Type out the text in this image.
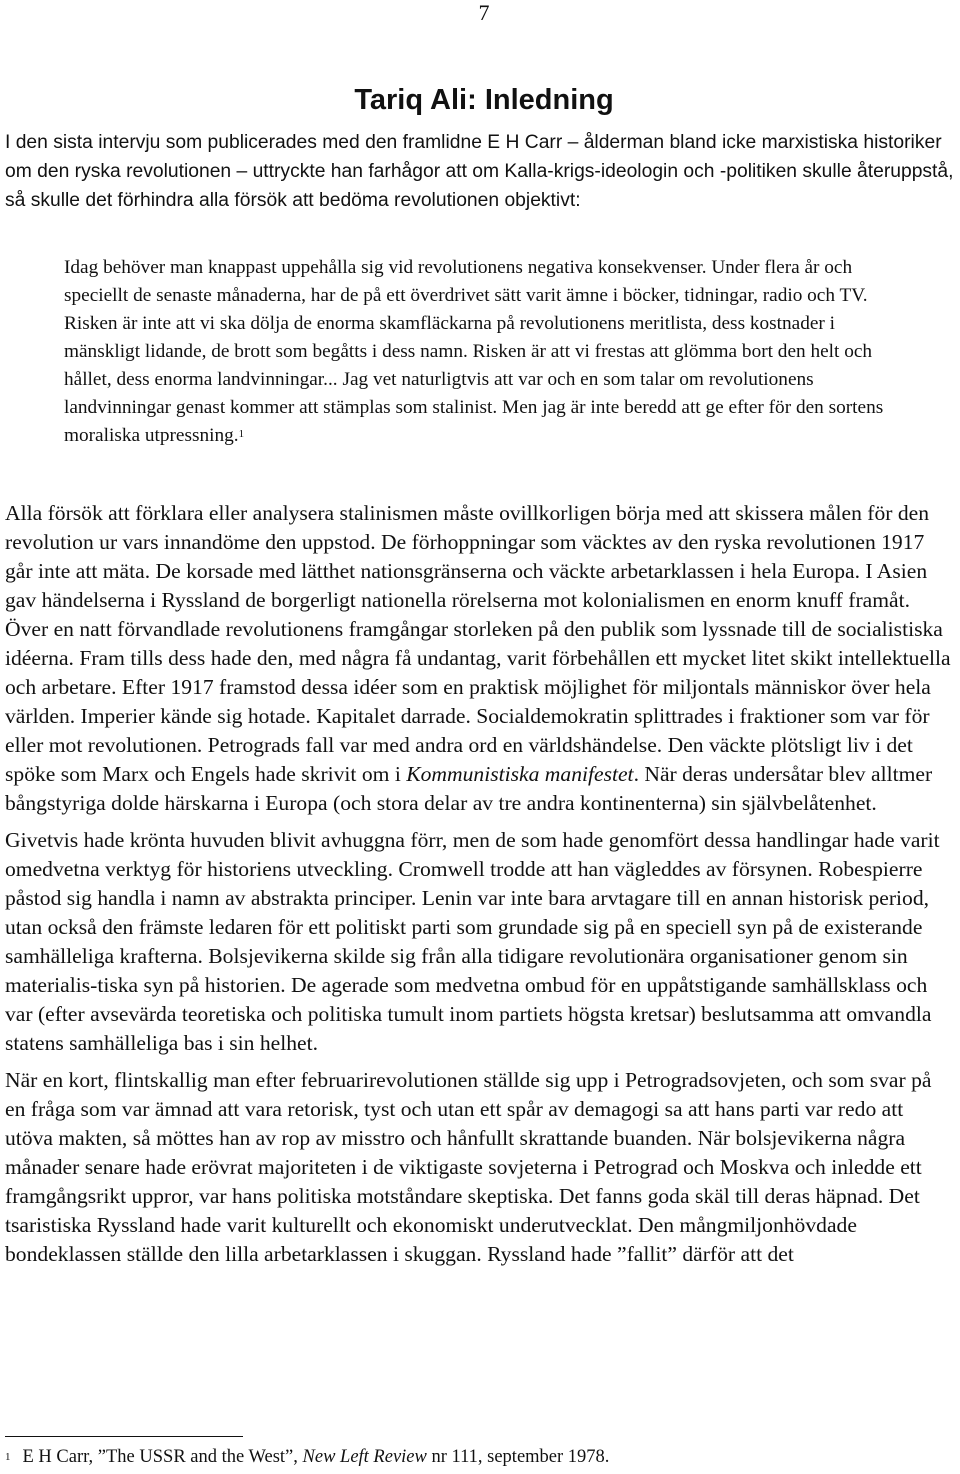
7
Tariq Ali: Inledning

I den sista intervju som publicerades med den framlidne E H Carr – ålderman bland icke marxistiska historiker om den ryska revolutionen – uttryckte han farhågor att om Kalla-krigs-ideologin och -politiken skulle återuppstå, så skulle det förhindra alla försök att bedöma revolutionen objektivt:

Idag behöver man knappast uppehålla sig vid revolutionens negativa konsekvenser. Under flera år och speciellt de senaste månaderna, har de på ett överdrivet sätt varit ämne i böcker, tidningar, radio och TV. Risken är inte att vi ska dölja de enorma skamfläckarna på revolutionens meritlista, dess kostnader i mänskligt lidande, de brott som begåtts i dess namn. Risken är att vi frestas att glömma bort den helt och hållet, dess enorma landvinningar... Jag vet naturligtvis att var och en som talar om revolutionens landvinningar genast kommer att stämplas som stalinist. Men jag är inte beredd att ge efter för den sortens moraliska utpressning.$^1$

Alla försök att förklara eller analysera stalinismen måste ovillkorligen börja med att skissera målen för den revolution ur vars innandöme den uppstod. De förhoppningar som väcktes av den ryska revolutionen 1917 går inte att mäta. De korsade med lätthet nationsgränserna och väckte arbetarklassen i hela Europa. I Asien gav händelserna i Ryssland de borgerligt nationella rörelserna mot kolonialismen en enorm knuff framåt. Över en natt förvandlade revolutionens framgångar storleken på den publik som lyssnade till de socialistiska idéerna. Fram tills dess hade den, med några få undantag, varit förbehållen ett mycket litet skikt intellektuella och arbetare. Efter 1917 framstod dessa idéer som en praktisk möjlighet för miljontals människor över hela världen. Imperier kände sig hotade. Kapitalet darrade. Socialdemokratin splittrades i fraktioner som var för eller mot revolutionen. Petrograds fall var med andra ord en världshändelse. Den väckte plötsligt liv i det spöke som Marx och Engels hade skrivit om i Kommunistiska manifestet. När deras undersåtar blev alltmer bångstyriga dolde härskarna i Europa (och stora delar av tre andra kontinenterna) sin självbelåtenhet.

Givetvis hade krönta huvuden blivit avhuggna förr, men de som hade genomfört dessa handlingar hade varit omedvetna verktyg för historiens utveckling. Cromwell trodde att han vägleddes av försynen. Robespierre påstod sig handla i namn av abstrakta principer. Lenin var inte bara arvtagare till en annan historisk period, utan också den främste ledaren för ett politiskt parti som grundade sig på en speciell syn på de existerande samhälleliga krafterna. Bolsjevikerna skilde sig från alla tidigare revolutionära organisationer genom sin materialis-tiska syn på historien. De agerade som medvetna ombud för en uppåtstigande samhällsklass och var (efter avsevärda teoretiska och politiska tumult inom partiets högsta kretsar) beslutsamma att omvandla statens samhälleliga bas i sin helhet.

När en kort, flintskallig man efter februarirevolutionen ställde sig upp i Petrogradsovjeten, och som svar på en fråga som var ämnad att vara retorisk, tyst och utan ett spår av demagogi sa att hans parti var redo att utöva makten, så möttes han av rop av misstro och hånfullt skrattande buanden. När bolsjevikerna några månader senare hade erövrat majoriteten i de viktigaste sovjeterna i Petrograd och Moskva och inledde ett framgångsrikt uppror, var hans politiska motståndare skeptiska. Det fanns goda skäl till deras häpnad. Det tsaristiska Ryssland hade varit kulturellt och ekonomiskt underutvecklat. Den mångmiljonhövdade bondeklassen ställde den lilla arbetarklassen i skuggan. Ryssland hade ”fallit” därför att det

$^1$ E H Carr, ”The USSR and the West”, New Left Review nr 111, september 1978.
